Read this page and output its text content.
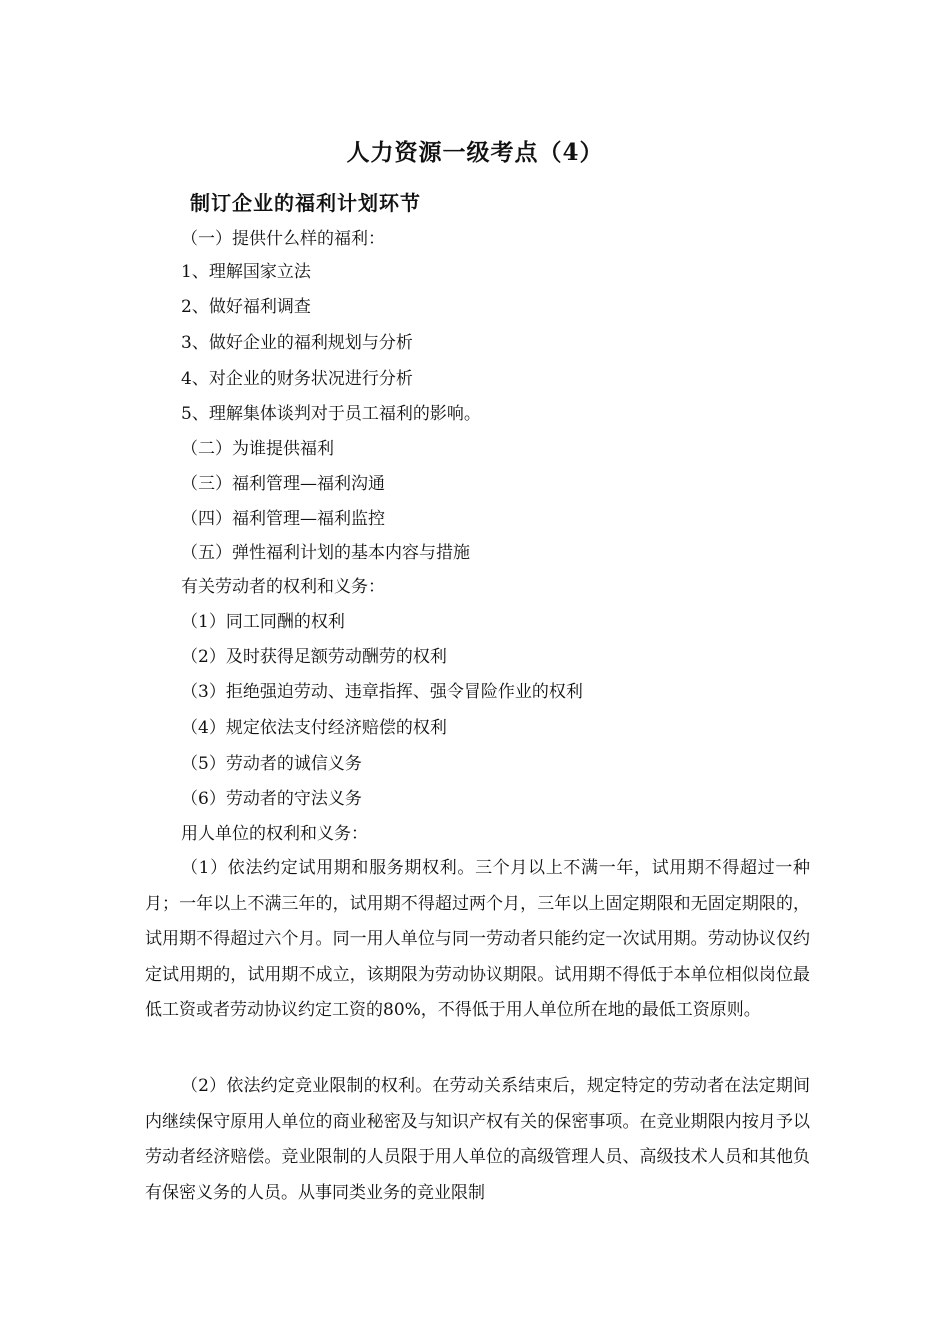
人力资源一级考点（4）
制订企业的福利计划环节
（一）提供什么样的福利：
1、理解国家立法
2、做好福利调查
3、做好企业的福利规划与分析
4、对企业的财务状况进行分析
5、理解集体谈判对于员工福利的影响。
（二）为谁提供福利
（三）福利管理—福利沟通
（四）福利管理—福利监控
（五）弹性福利计划的基本内容与措施
有关劳动者的权利和义务：
（1）同工同酬的权利
（2）及时获得足额劳动酬劳的权利
（3）拒绝强迫劳动、违章指挥、强令冒险作业的权利
（4）规定依法支付经济赔偿的权利
（5）劳动者的诚信义务
（6）劳动者的守法义务
用人单位的权利和义务：

（1）依法约定试用期和服务期权利。三个月以上不满一年，试用期不得超过一种月；一年以上不满三年的，试用期不得超过两个月，三年以上固定期限和无固定期限的，试用期不得超过六个月。同一用人单位与同一劳动者只能约定一次试用期。劳动协议仅约定试用期的，试用期不成立，该期限为劳动协议期限。试用期不得低于本单位相似岗位最低工资或者劳动协议约定工资的80%，不得低于用人单位所在地的最低工资原则。

（2）依法约定竞业限制的权利。在劳动关系结束后，规定特定的劳动者在法定期间内继续保守原用人单位的商业秘密及与知识产权有关的保密事项。在竞业期限内按月予以劳动者经济赔偿。竞业限制的人员限于用人单位的高级管理人员、高级技术人员和其他负有保密义务的人员。从事同类业务的竞业限制
